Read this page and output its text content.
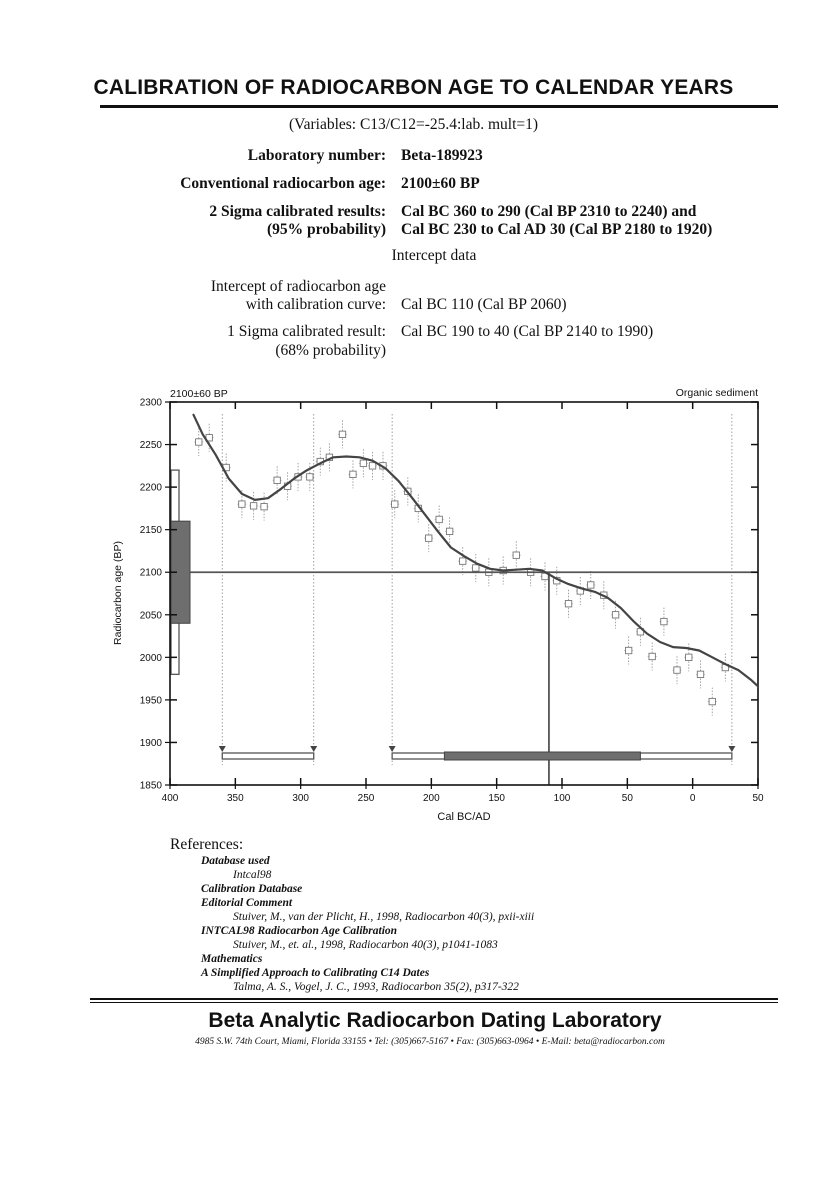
CALIBRATION OF RADIOCARBON AGE TO CALENDAR YEARS
(Variables: C13/C12=-25.4:lab. mult=1)
Laboratory number: Beta-189923
Conventional radiocarbon age: 2100±60 BP
2 Sigma calibrated results:
(95% probability)
Cal BC 360 to 290 (Cal BP 2310 to 2240) and
Cal BC 230 to Cal AD 30 (Cal BP 2180 to 1920)
Intercept data
Intercept of radiocarbon age
with calibration curve: Cal BC 110 (Cal BP 2060)
1 Sigma calibrated result:
(68% probability)
Cal BC 190 to 40 (Cal BP 2140 to 1990)
400	350	300	250	200	150	100	50	0	50
1850
1900
1950
2000
2050
2100
2150
2200
2250
2300
2100±60 BP	Organic sediment
Cal BC/AD
Radiocarbon age (BP)
References:
Database used
Intcal98
Calibration Database
Editorial Comment
Stuiver, M., van der Plicht, H., 1998, Radiocarbon 40(3), pxii-xiii
INTCAL98 Radiocarbon Age Calibration
Stuiver, M., et. al., 1998, Radiocarbon 40(3), p1041-1083
Mathematics
A Simplified Approach to Calibrating C14 Dates
Talma, A. S., Vogel, J. C., 1993, Radiocarbon 35(2), p317-322
Beta Analytic Radiocarbon Dating Laboratory
4985 S.W. 74th Court, Miami, Florida 33155 • Tel: (305)667-5167 • Fax: (305)663-0964 • E-Mail: beta@radiocarbon.com
